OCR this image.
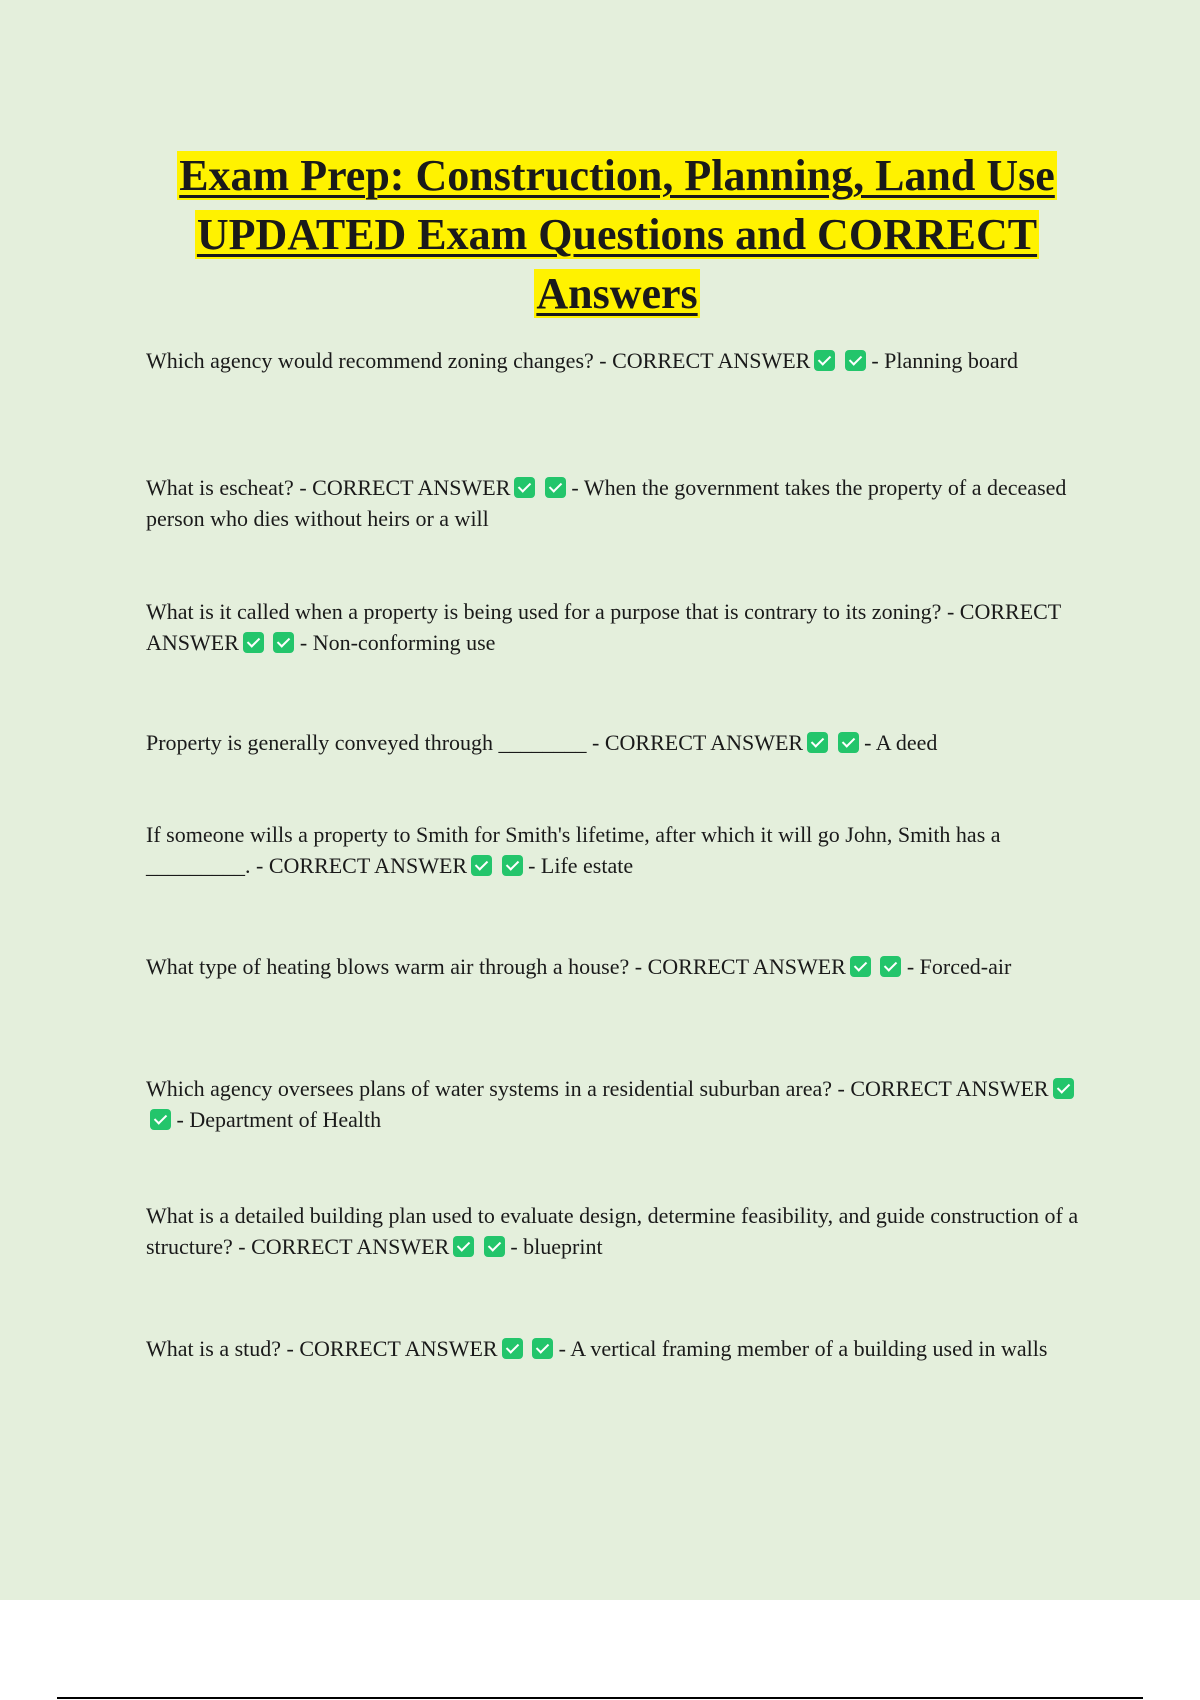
Exam Prep: Construction, Planning, Land Use UPDATED Exam Questions and CORRECT Answers

Which agency would recommend zoning changes? - CORRECT ANSWER	- Planning board

What is escheat? - CORRECT ANSWER	- When the government takes the property of a deceased person who dies without heirs or a will

What is it called when a property is being used for a purpose that is contrary to its zoning? - CORRECT ANSWER	- Non-conforming use

Property is generally conveyed through ________ - CORRECT ANSWER	- A deed

If someone wills a property to Smith for Smith's lifetime, after which it will go John, Smith has a _________. - CORRECT ANSWER	- Life estate

What type of heating blows warm air through a house? - CORRECT ANSWER	- Forced-air

Which agency oversees plans of water systems in a residential suburban area? - CORRECT ANSWER  - Department of Health

What is a detailed building plan used to evaluate design, determine feasibility, and guide construction of a structure? - CORRECT ANSWER	- blueprint

What is a stud? - CORRECT ANSWER	- A vertical framing member of a building used in walls
